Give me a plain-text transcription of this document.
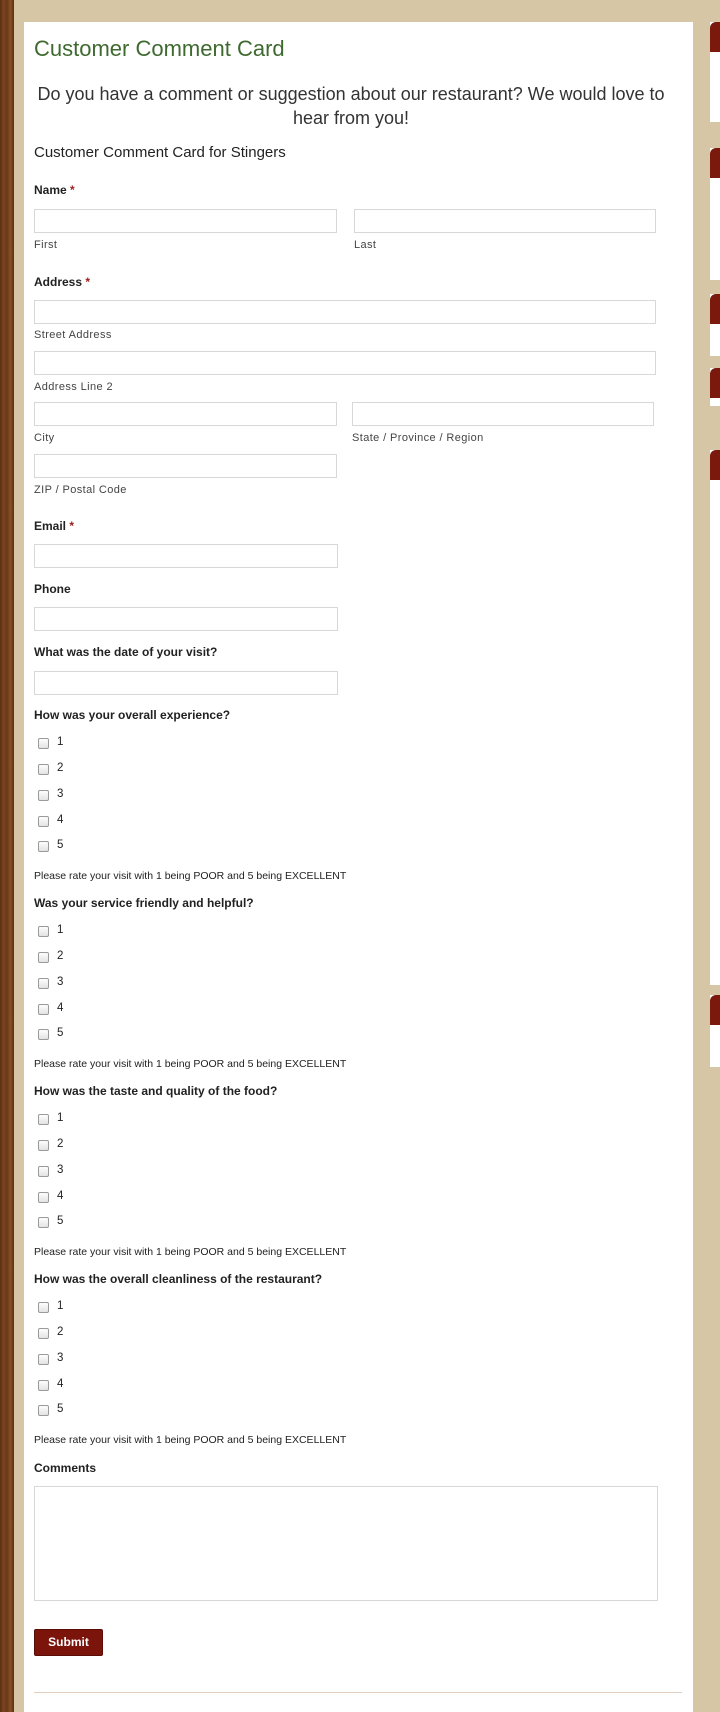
Customer Comment Card
Do you have a comment or suggestion about our restaurant? We would love to hear from you!
Customer Comment Card for Stingers
Name *
First	Last
Address *
Street Address
Address Line 2
City	State / Province / Region
ZIP / Postal Code
Email *
Phone
What was the date of your visit?
How was your overall experience?
1
2
3
4
5
Please rate your visit with 1 being POOR and 5 being EXCELLENT
Was your service friendly and helpful?
1
2
3
4
5
Please rate your visit with 1 being POOR and 5 being EXCELLENT
How was the taste and quality of the food?
1
2
3
4
5
Please rate your visit with 1 being POOR and 5 being EXCELLENT
How was the overall cleanliness of the restaurant?
1
2
3
4
5
Please rate your visit with 1 being POOR and 5 being EXCELLENT
Comments
Submit
